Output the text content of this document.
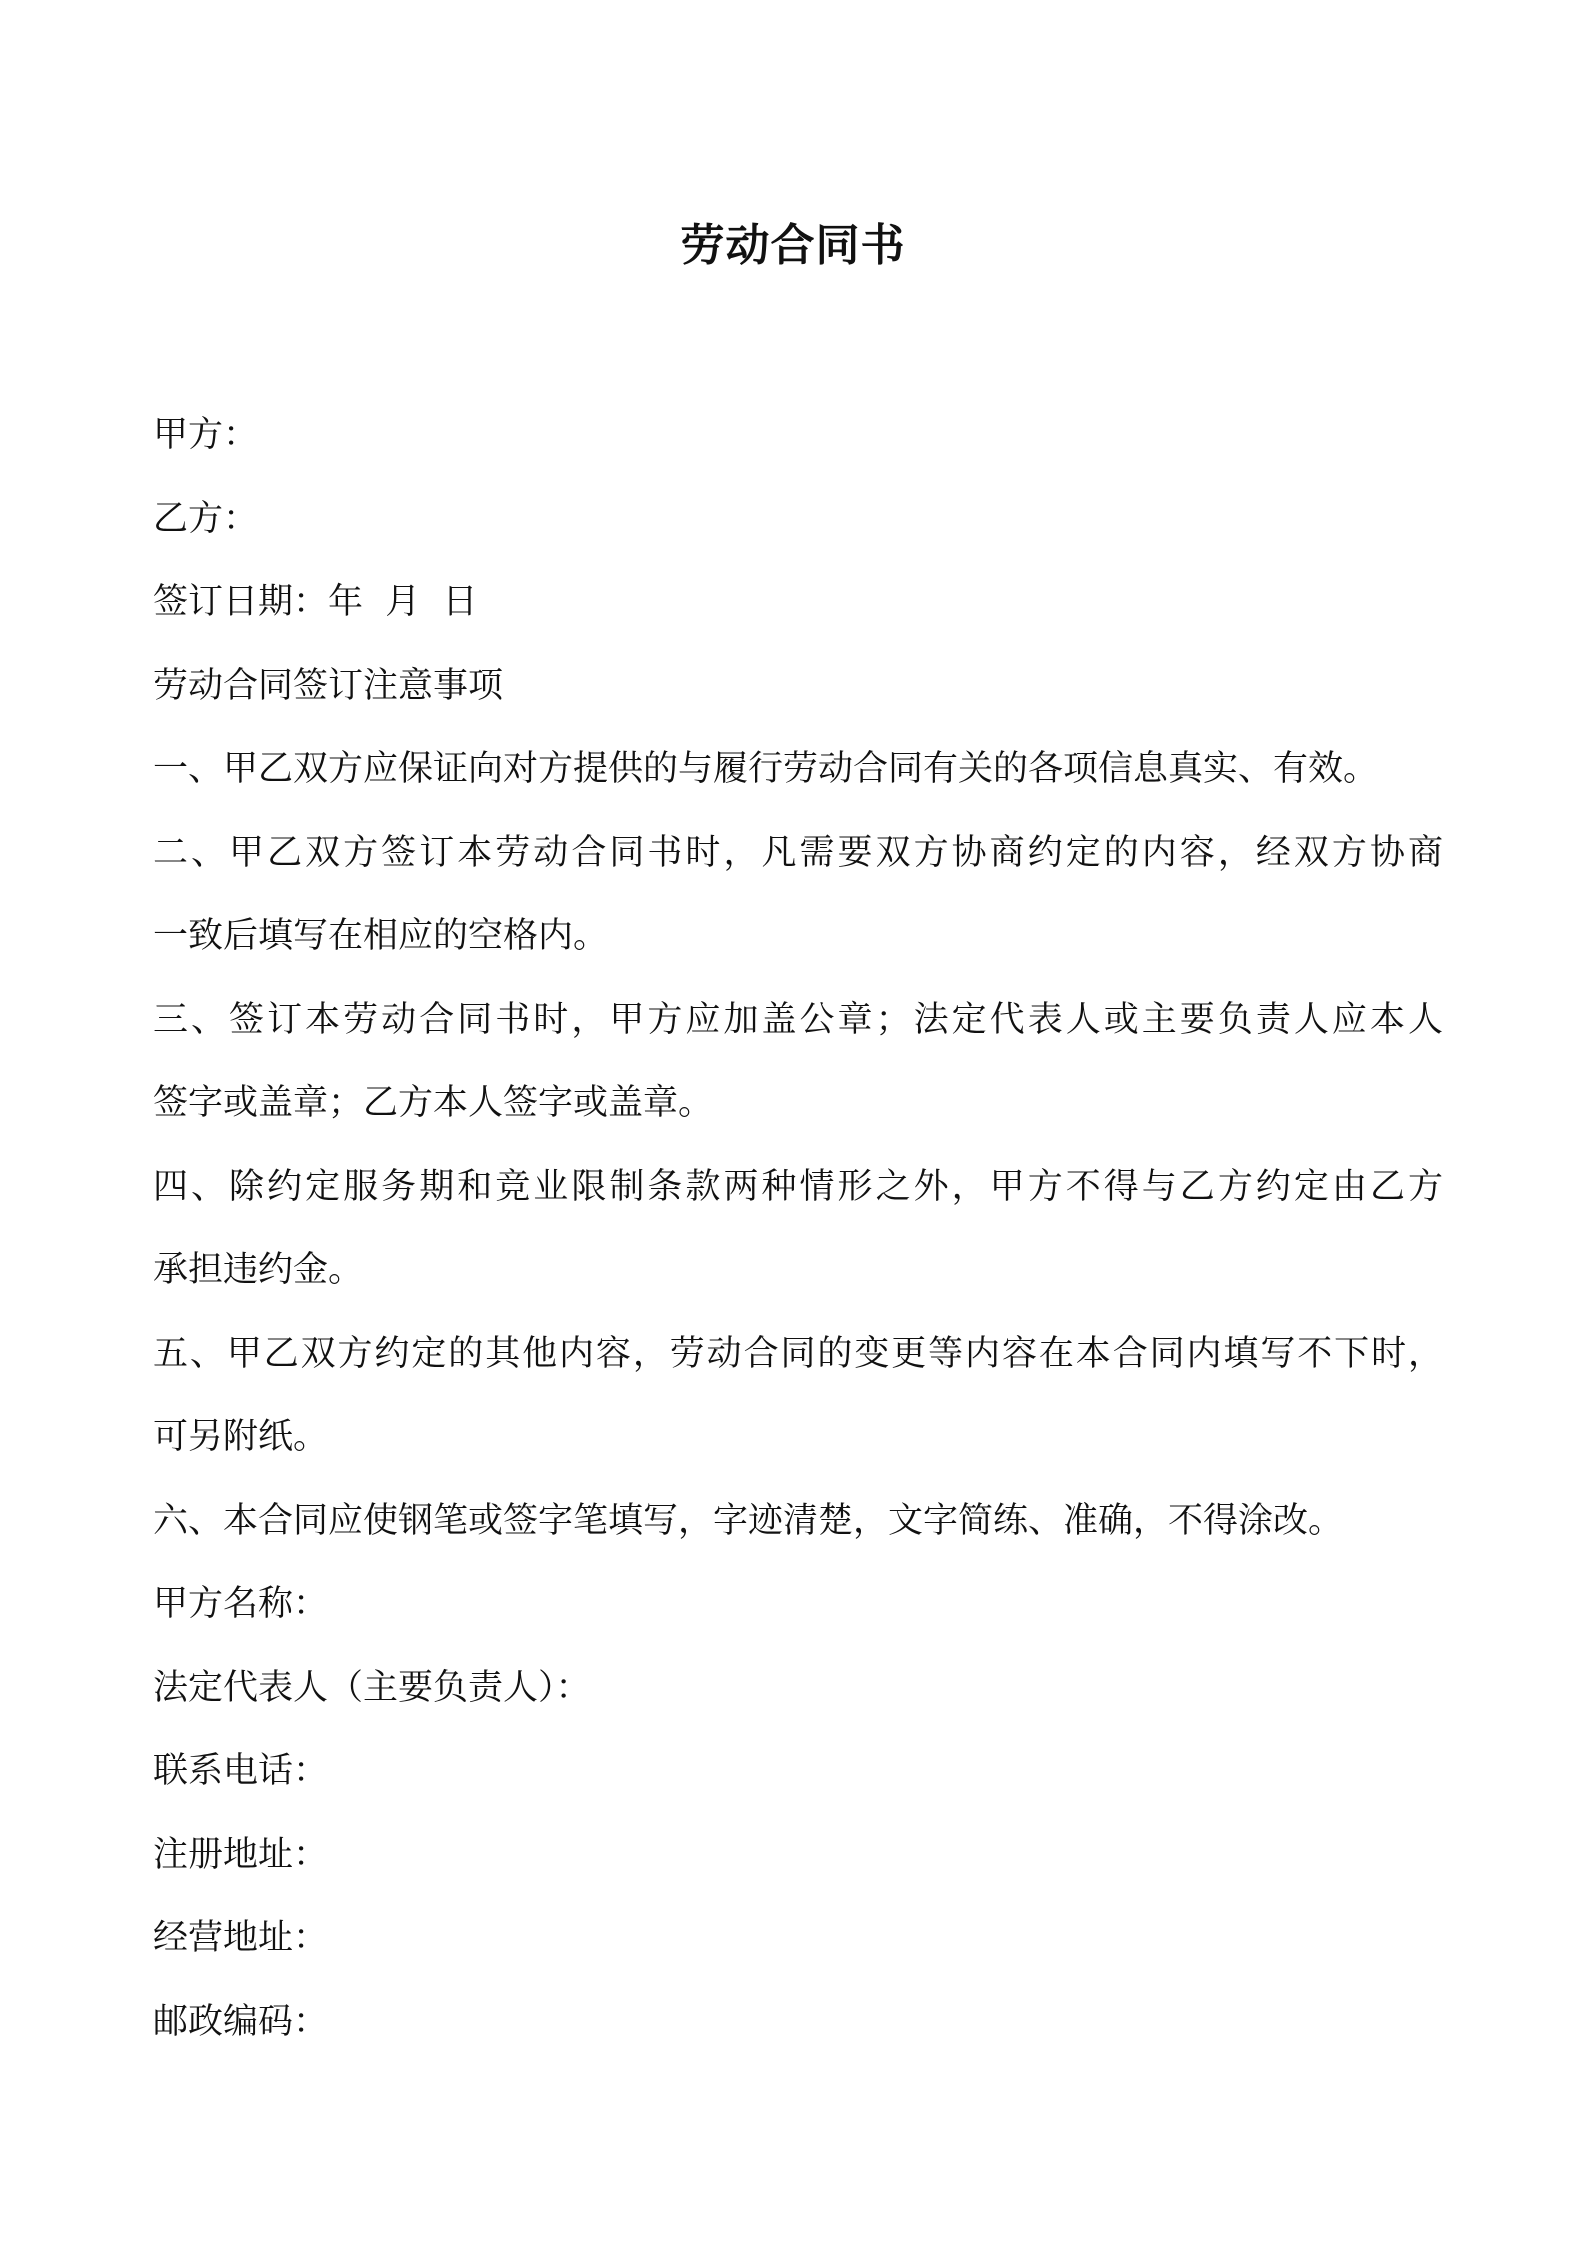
劳动合同书
甲方：
乙方：
签订日期：年  月  日
劳动合同签订注意事项
一、甲乙双方应保证向对方提供的与履行劳动合同有关的各项信息真实、有效。
二、甲乙双方签订本劳动合同书时，凡需要双方协商约定的内容，经双方协商
一致后填写在相应的空格内。
三、签订本劳动合同书时，甲方应加盖公章；法定代表人或主要负责人应本人
签字或盖章；乙方本人签字或盖章。
四、除约定服务期和竞业限制条款两种情形之外，甲方不得与乙方约定由乙方
承担违约金。
五、甲乙双方约定的其他内容，劳动合同的变更等内容在本合同内填写不下时，
可另附纸。
六、本合同应使钢笔或签字笔填写，字迹清楚，文字简练、准确，不得涂改。
甲方名称：
法定代表人（主要负责人）：
联系电话：
注册地址：
经营地址：
邮政编码：
